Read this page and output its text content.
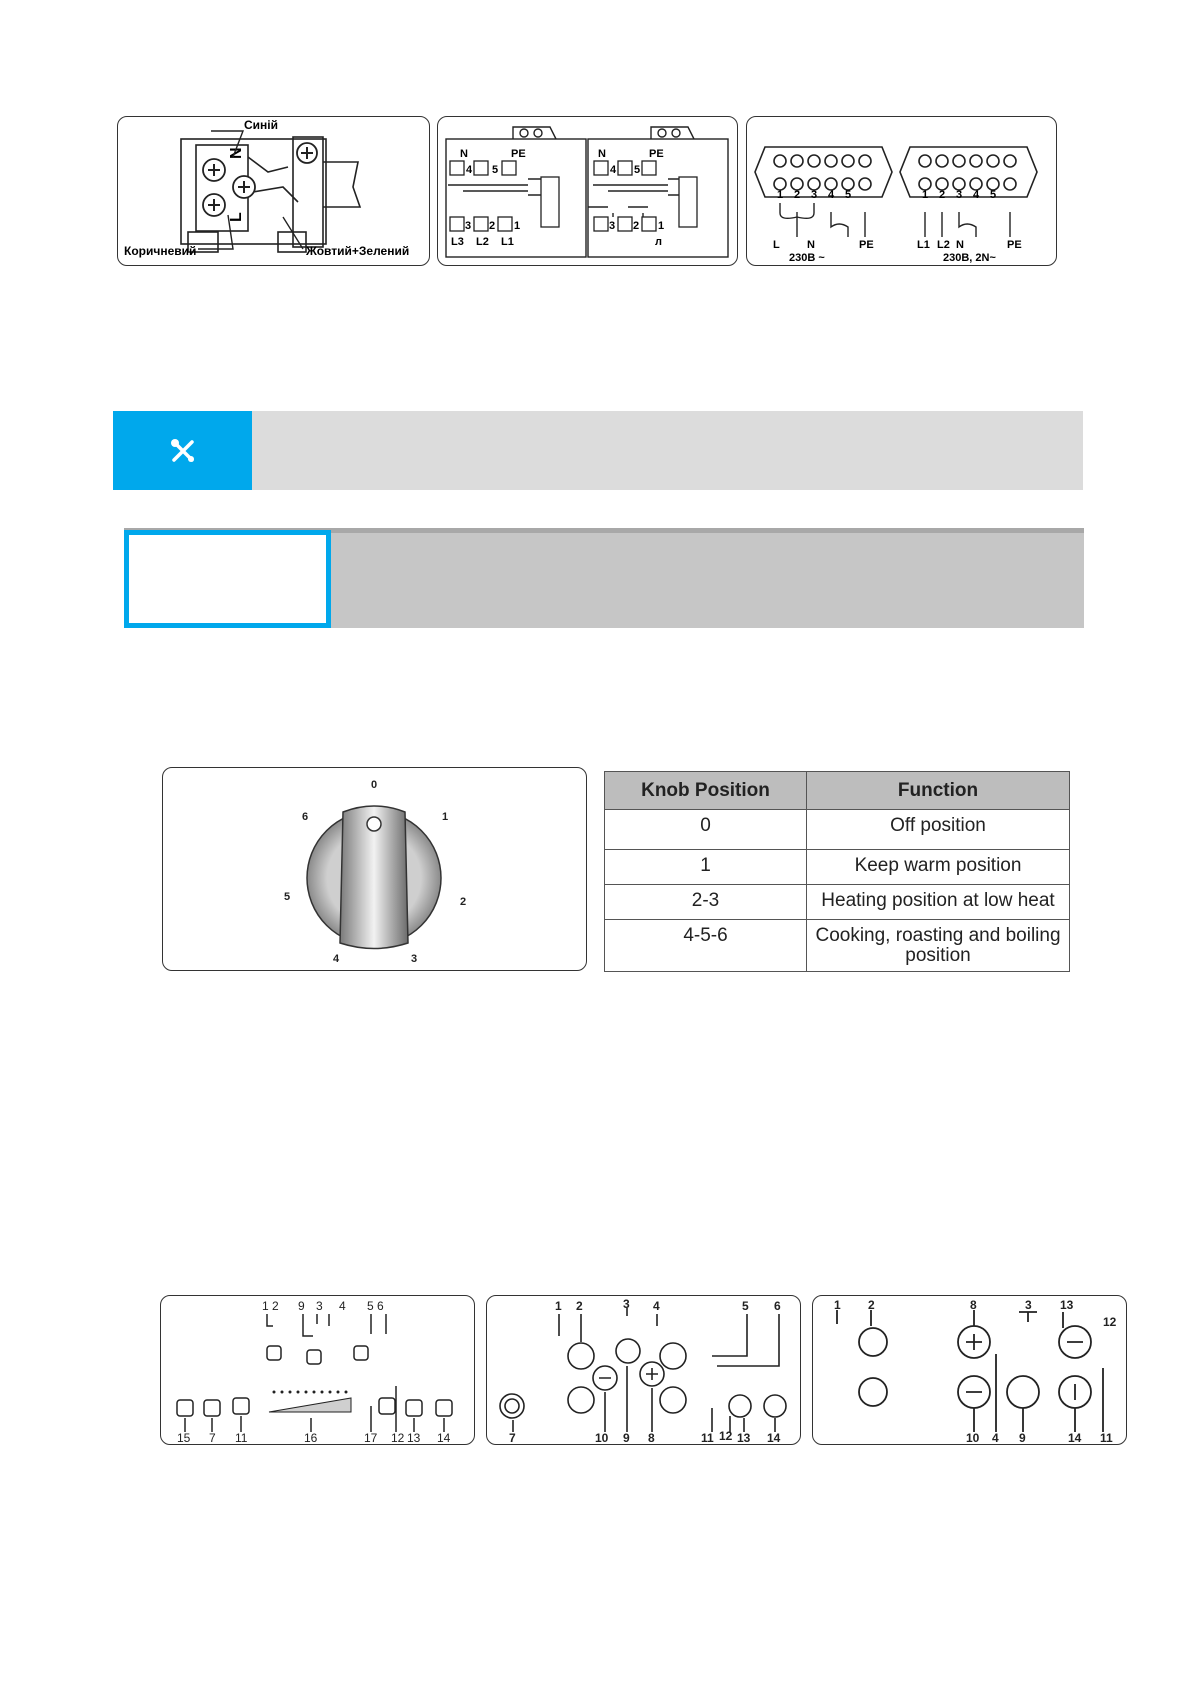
N
L
Синій
Коричневий	Жовтий+Зелений
N	PE
4 5
3 2 1
L3 L2 L1
N	PE
4 5
3 2 1
л
1 2 3 4 5	1 2 3 4 5
L N	PE
230В ~
L1 L2 N	PE
230В, 2N~
0
1
2
3
4
5
6
Knob Position	Function
0	Off position
1	Keep warm position
2-3	Heating position at low heat
4-5-6	Cooking, roasting and boiling position
1 2 9 3 4 5 6
15 7 11	16	17 12 13 14
1 2	3 4	5 6
7	10 9 8	11 12 13 14
1 2	8	3 13
12
10 4 9	14 11
